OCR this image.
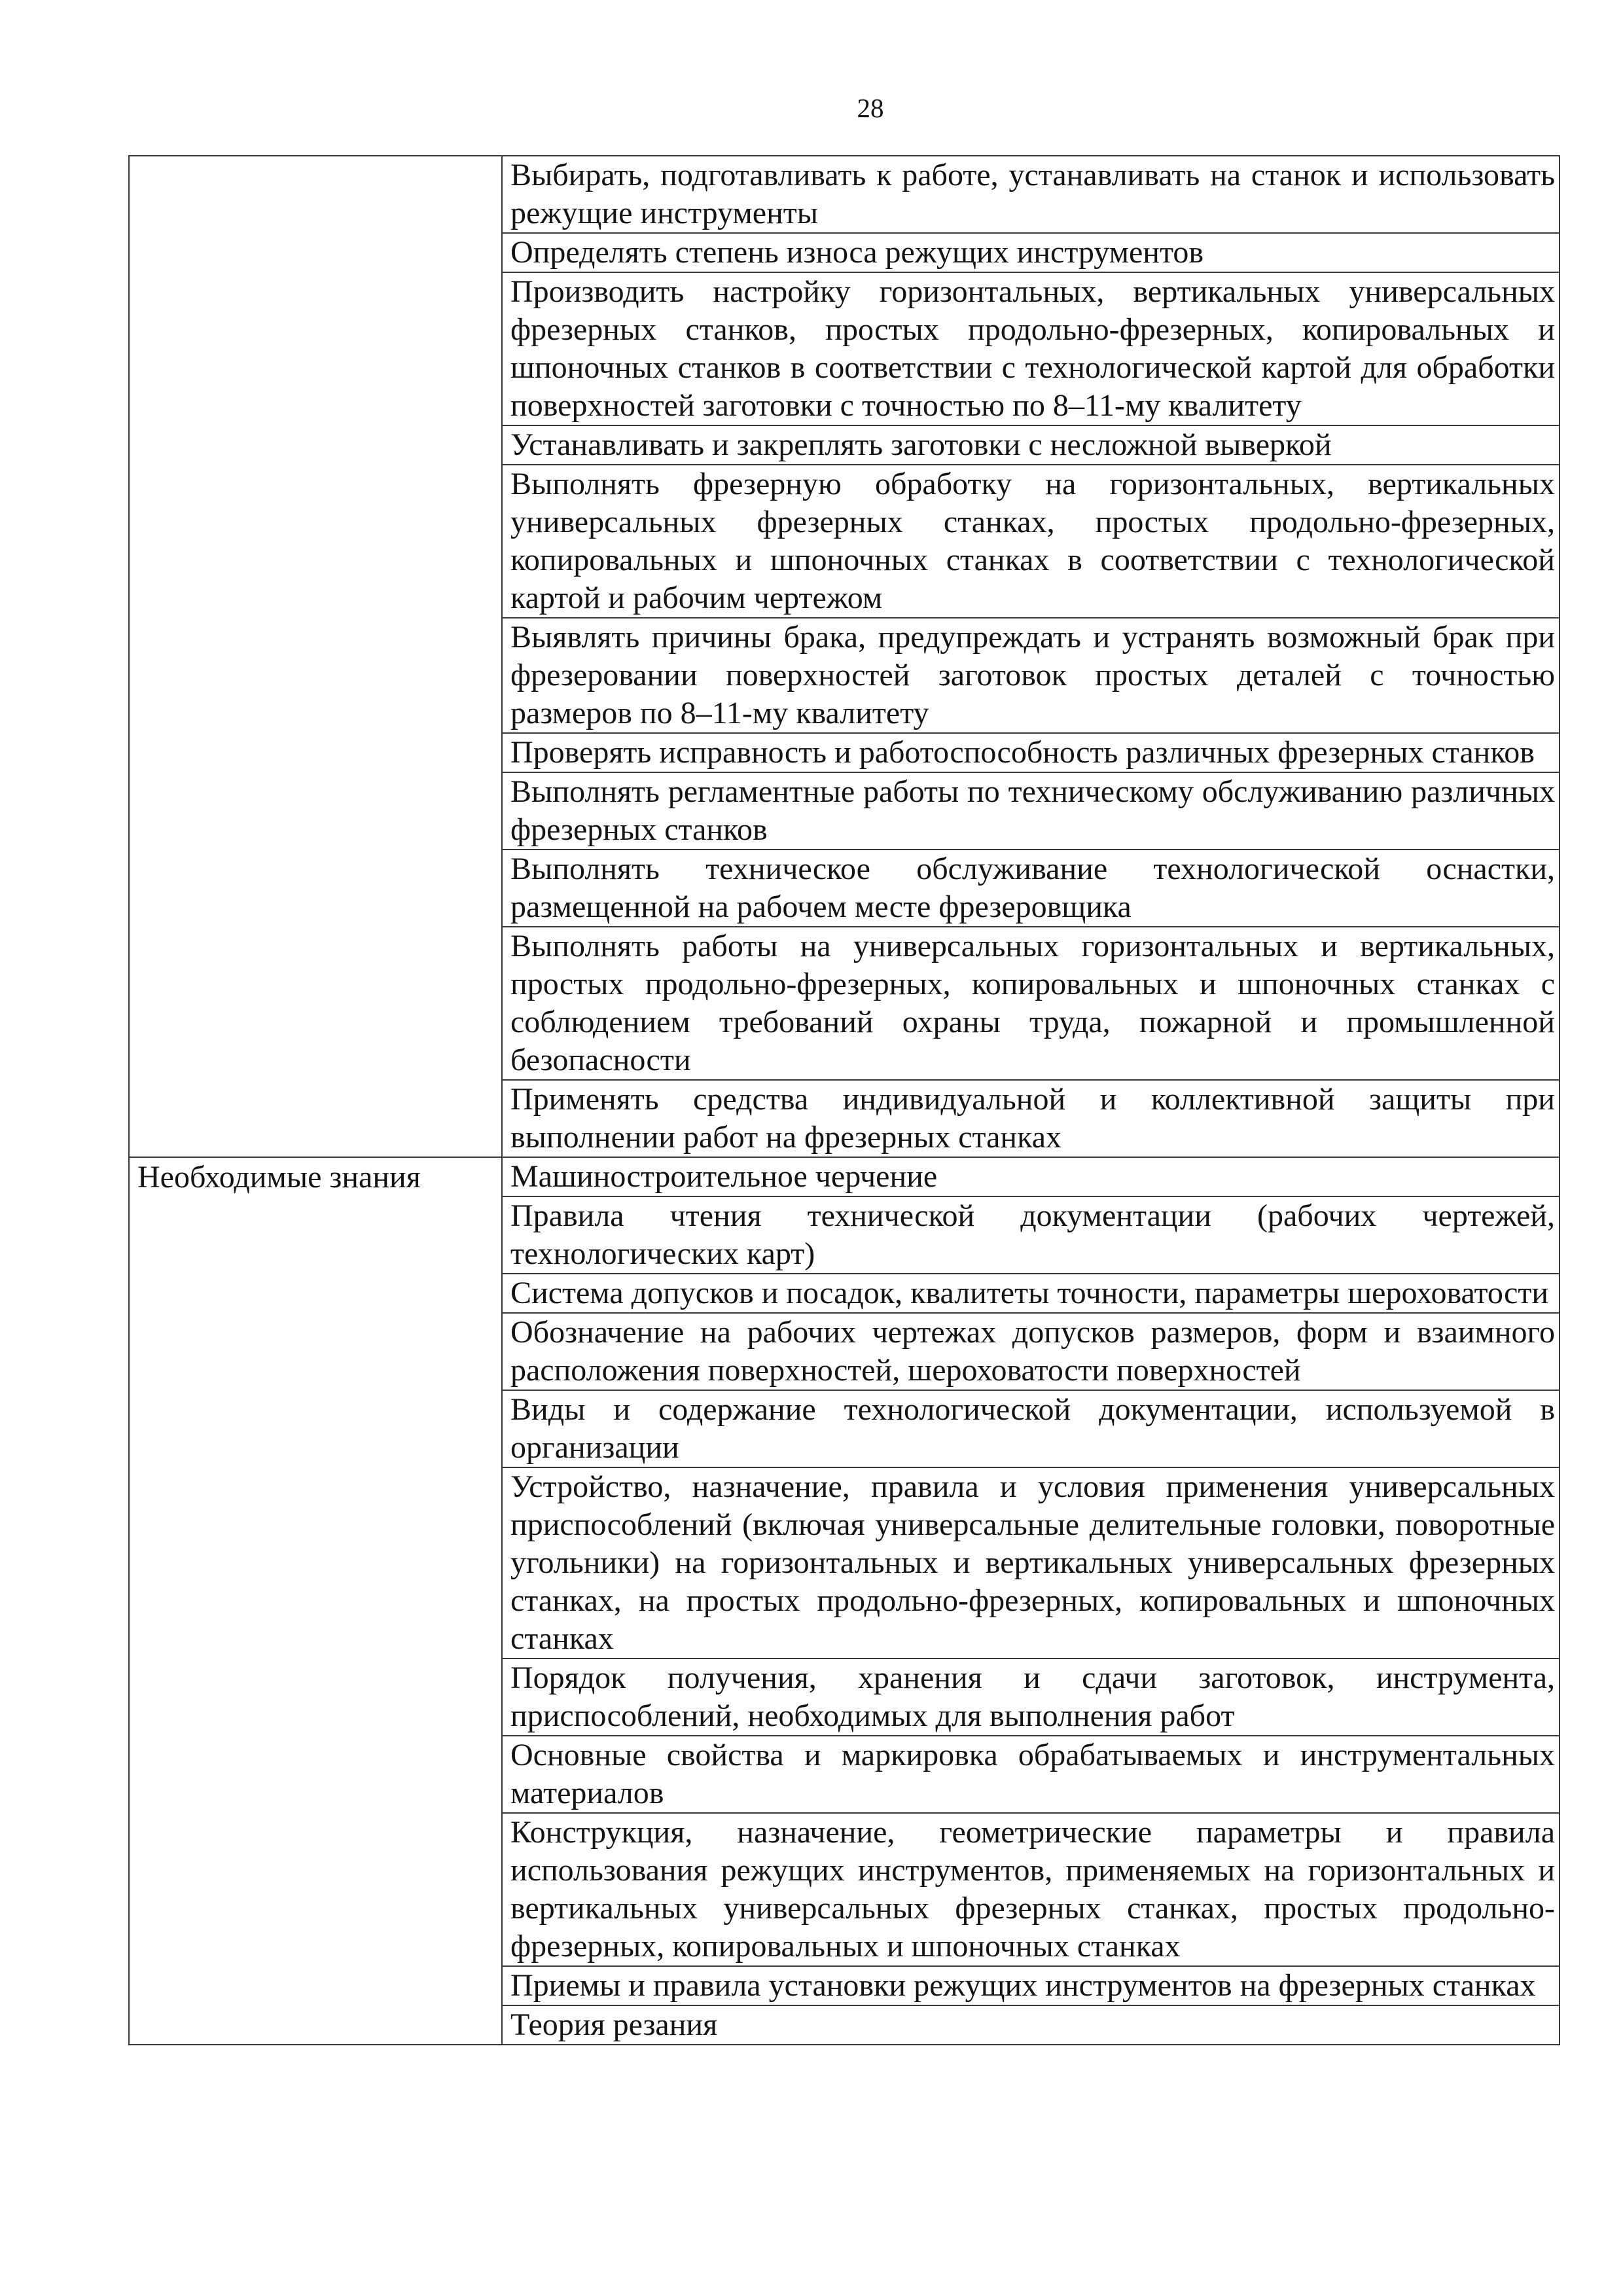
28

	Выбирать, подготавливать к работе, устанавливать на станок и использовать режущие инструменты

	Определять степень износа режущих инструментов

	Производить настройку горизонтальных, вертикальных универсальных фрезерных станков, простых продольно-фрезерных, копировальных и шпоночных станков в соответствии с технологической картой для обработки поверхностей заготовки с точностью по 8–11-му квалитету

	Устанавливать и закреплять заготовки с несложной выверкой

	Выполнять фрезерную обработку на горизонтальных, вертикальных универсальных фрезерных станках, простых продольно-фрезерных, копировальных и шпоночных станках в соответствии с технологической картой и рабочим чертежом

	Выявлять причины брака, предупреждать и устранять возможный брак при фрезеровании поверхностей заготовок простых деталей с точностью размеров по 8–11-му квалитету

	Проверять исправность и работоспособность различных фрезерных станков

	Выполнять регламентные работы по техническому обслуживанию различных фрезерных станков

	Выполнять техническое обслуживание технологической оснастки, размещенной на рабочем месте фрезеровщика

	Выполнять работы на универсальных горизонтальных и вертикальных, простых продольно-фрезерных, копировальных и шпоночных станках с соблюдением требований охраны труда, пожарной и промышленной безопасности

	Применять средства индивидуальной и коллективной защиты при выполнении работ на фрезерных станках

Необходимые знания	Машиностроительное черчение

	Правила чтения технической документации (рабочих чертежей, технологических карт)

	Система допусков и посадок, квалитеты точности, параметры шероховатости

	Обозначение на рабочих чертежах допусков размеров, форм и взаимного расположения поверхностей, шероховатости поверхностей

	Виды и содержание технологической документации, используемой в организации

	Устройство, назначение, правила и условия применения универсальных приспособлений (включая универсальные делительные головки, поворотные угольники) на горизонтальных и вертикальных универсальных фрезерных станках, на простых продольно-фрезерных, копировальных и шпоночных станках

	Порядок получения, хранения и сдачи заготовок, инструмента, приспособлений, необходимых для выполнения работ

	Основные свойства и маркировка обрабатываемых и инструментальных материалов

	Конструкция, назначение, геометрические параметры и правила использования режущих инструментов, применяемых на горизонтальных и вертикальных универсальных фрезерных станках, простых продольно-фрезерных, копировальных и шпоночных станках

	Приемы и правила установки режущих инструментов на фрезерных станках

	Теория резания
